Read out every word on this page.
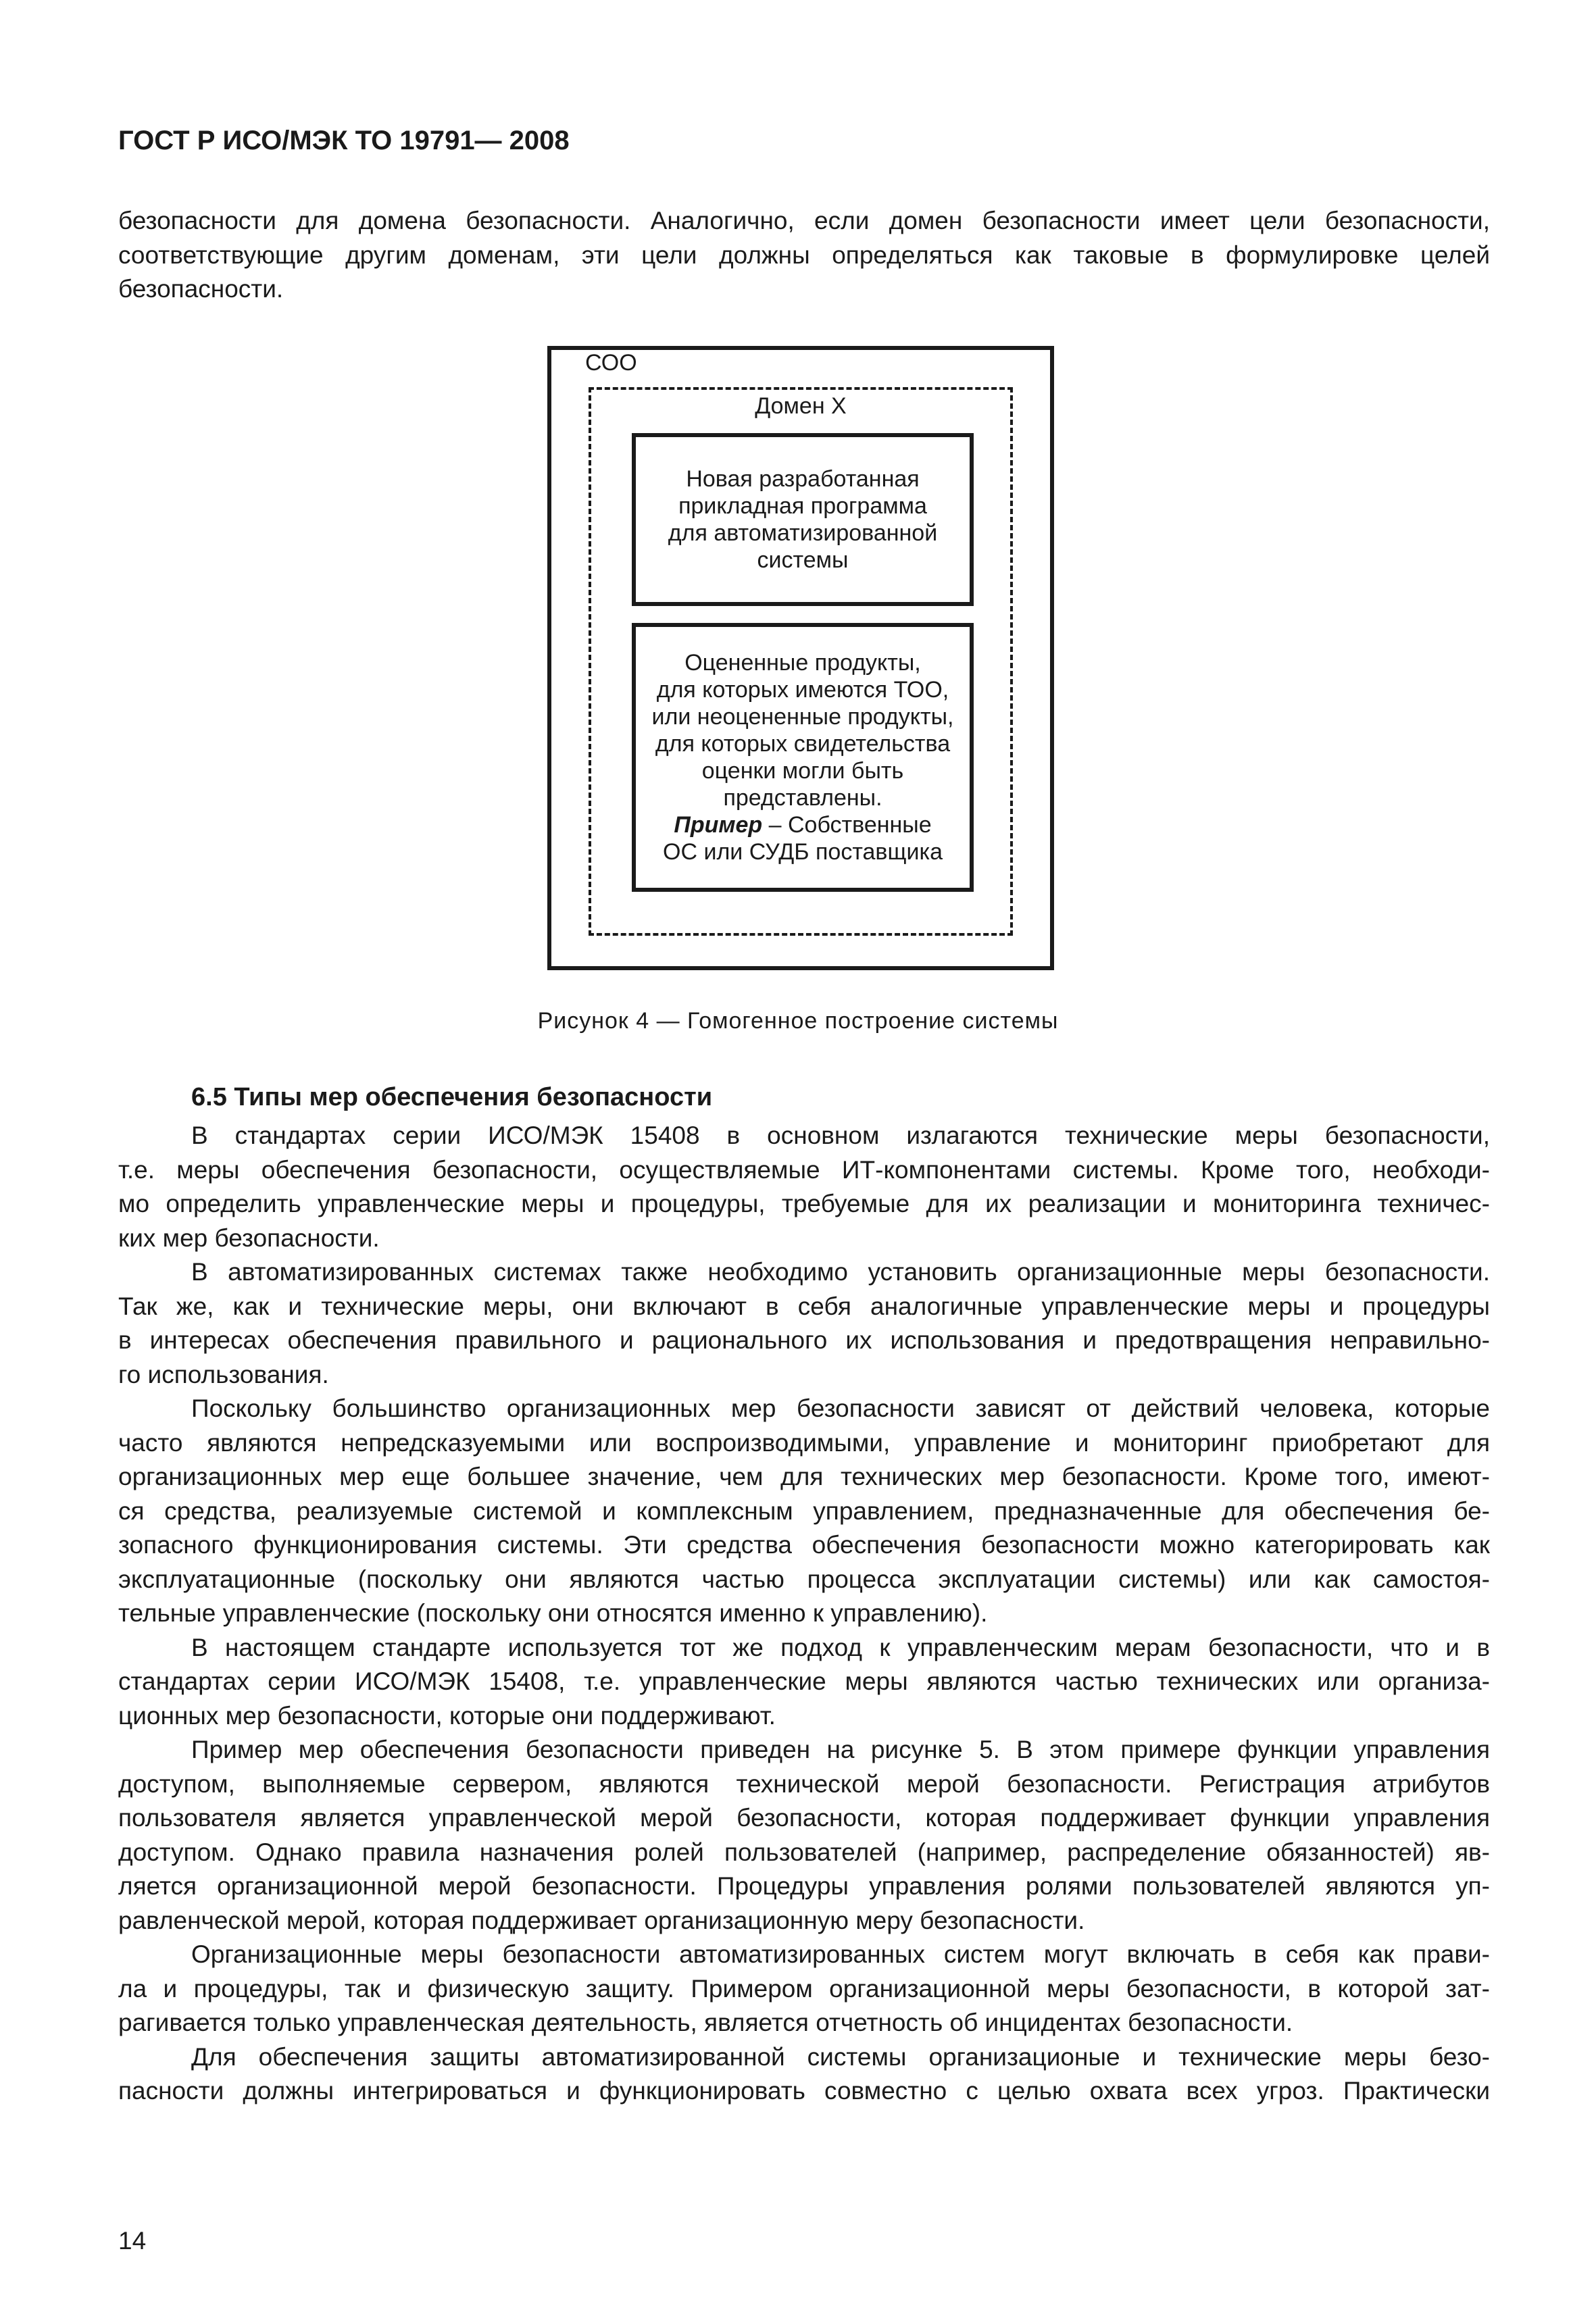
ГОСТ Р ИСО/МЭК ТО 19791— 2008
безопасности для домена безопасности. Аналогично, если домен безопасности имеет цели безопасности,
соответствующие другим доменам, эти цели должны определяться как таковые в формулировке целей
безопасности.
СОО
Домен Х
Новая разработанная
прикладная программа
для автоматизированной
системы
Оцененные продукты,
для которых имеются ТОО,
или неоцененные продукты,
для которых свидетельства
оценки могли быть
представлены.
Пример – Собственные
ОС или СУДБ поставщика
Рисунок 4 — Гомогенное построение системы
6.5 Типы мер обеспечения безопасности
В стандартах серии ИСО/МЭК 15408 в основном излагаются технические меры безопасности,
т.е. меры обеспечения безопасности, осуществляемые ИТ-компонентами системы. Кроме того, необходи-
мо определить управленческие меры и процедуры, требуемые для их реализации и мониторинга техничес-
ких мер безопасности.
В автоматизированных системах также необходимо установить организационные меры безопасности.
Так же, как и технические меры, они включают в себя аналогичные управленческие меры и процедуры
в интересах обеспечения правильного и рационального их использования и предотвращения неправильно-
го использования.
Поскольку большинство организационных мер безопасности зависят от действий человека, которые
часто являются непредсказуемыми или воспроизводимыми, управление и мониторинг приобретают для
организационных мер еще большее значение, чем для технических мер безопасности. Кроме того, имеют-
ся средства, реализуемые системой и комплексным управлением, предназначенные для обеспечения бе-
зопасного функционирования системы. Эти средства обеспечения безопасности можно категорировать как
эксплуатационные (поскольку они являются частью процесса эксплуатации системы) или как самостоя-
тельные управленческие (поскольку они относятся именно к управлению).
В настоящем стандарте используется тот же подход к управленческим мерам безопасности, что и в
стандартах серии ИСО/МЭК 15408, т.е. управленческие меры являются частью технических или организа-
ционных мер безопасности, которые они поддерживают.
Пример мер обеспечения безопасности приведен на рисунке 5. В этом примере функции управления
доступом, выполняемые сервером, являются технической мерой безопасности. Регистрация атрибутов
пользователя является управленческой мерой безопасности, которая поддерживает функции управления
доступом. Однако правила назначения ролей пользователей (например, распределение обязанностей) яв-
ляется организационной мерой безопасности. Процедуры управления ролями пользователей являются уп-
равленческой мерой, которая поддерживает организационную меру безопасности.
Организационные меры безопасности автоматизированных систем могут включать в себя как прави-
ла и процедуры, так и физическую защиту. Примером организационной меры безопасности, в которой зат-
рагивается только управленческая деятельность, является отчетность об инцидентах безопасности.
Для обеспечения защиты автоматизированной системы организационые и технические меры безо-
пасности должны интегрироваться и функционировать совместно с целью охвата всех угроз. Практически
14
